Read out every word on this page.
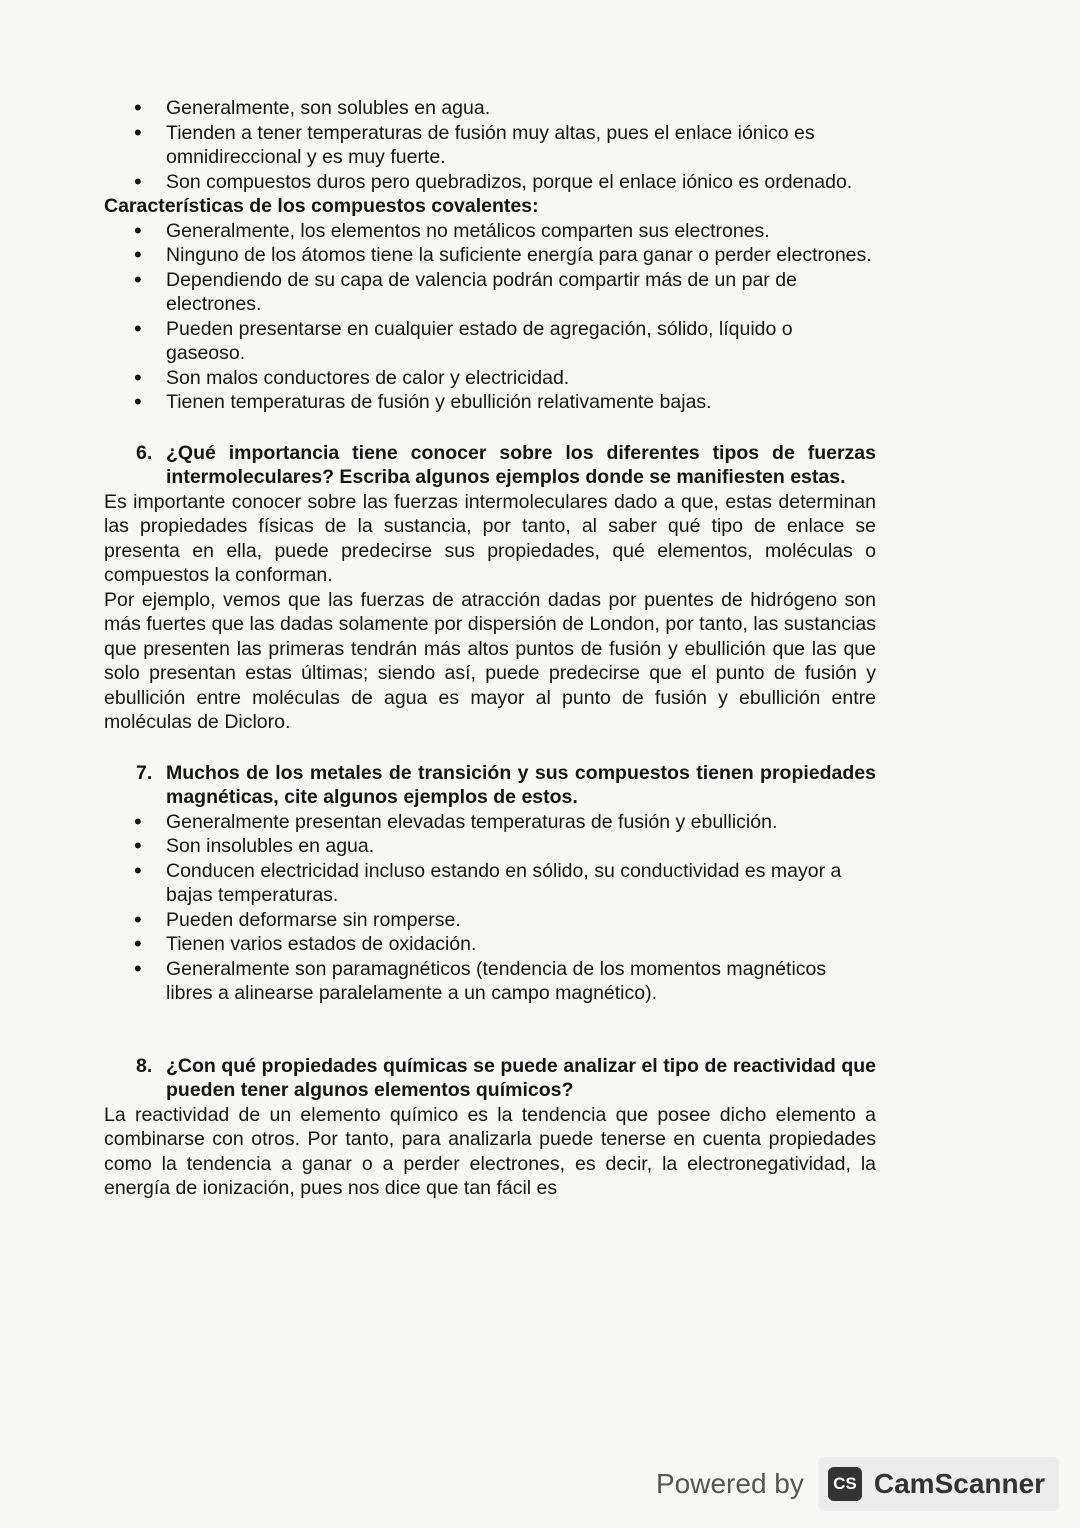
• Generalmente, son solubles en agua.
• Tienden a tener temperaturas de fusión muy altas, pues el enlace iónico es omnidireccional y es muy fuerte.
• Son compuestos duros pero quebradizos, porque el enlace iónico es ordenado.

Características de los compuestos covalentes:

• Generalmente, los elementos no metálicos comparten sus electrones.
• Ninguno de los átomos tiene la suficiente energía para ganar o perder electrones.
• Dependiendo de su capa de valencia podrán compartir más de un par de electrones.
• Pueden presentarse en cualquier estado de agregación, sólido, líquido o gaseoso.
• Son malos conductores de calor y electricidad.
• Tienen temperaturas de fusión y ebullición relativamente bajas.

6. ¿Qué importancia tiene conocer sobre los diferentes tipos de fuerzas intermoleculares? Escriba algunos ejemplos donde se manifiesten estas.

Es importante conocer sobre las fuerzas intermoleculares dado a que, estas determinan las propiedades físicas de la sustancia, por tanto, al saber qué tipo de enlace se presenta en ella, puede predecirse sus propiedades, qué elementos, moléculas o compuestos la conforman.

Por ejemplo, vemos que las fuerzas de atracción dadas por puentes de hidrógeno son más fuertes que las dadas solamente por dispersión de London, por tanto, las sustancias que presenten las primeras tendrán más altos puntos de fusión y ebullición que las que solo presentan estas últimas; siendo así, puede predecirse que el punto de fusión y ebullición entre moléculas de agua es mayor al punto de fusión y ebullición entre moléculas de Dicloro.

7. Muchos de los metales de transición y sus compuestos tienen propiedades magnéticas, cite algunos ejemplos de estos.

• Generalmente presentan elevadas temperaturas de fusión y ebullición.
• Son insolubles en agua.
• Conducen electricidad incluso estando en sólido, su conductividad es mayor a bajas temperaturas.
• Pueden deformarse sin romperse.
• Tienen varios estados de oxidación.
• Generalmente son paramagnéticos (tendencia de los momentos magnéticos libres a alinearse paralelamente a un campo magnético).

8. ¿Con qué propiedades químicas se puede analizar el tipo de reactividad que pueden tener algunos elementos químicos?

La reactividad de un elemento químico es la tendencia que posee dicho elemento a combinarse con otros. Por tanto, para analizarla puede tenerse en cuenta propiedades como la tendencia a ganar o a perder electrones, es decir, la electronegatividad, la energía de ionización, pues nos dice que tan fácil es

Powered by	CS CamScanner
